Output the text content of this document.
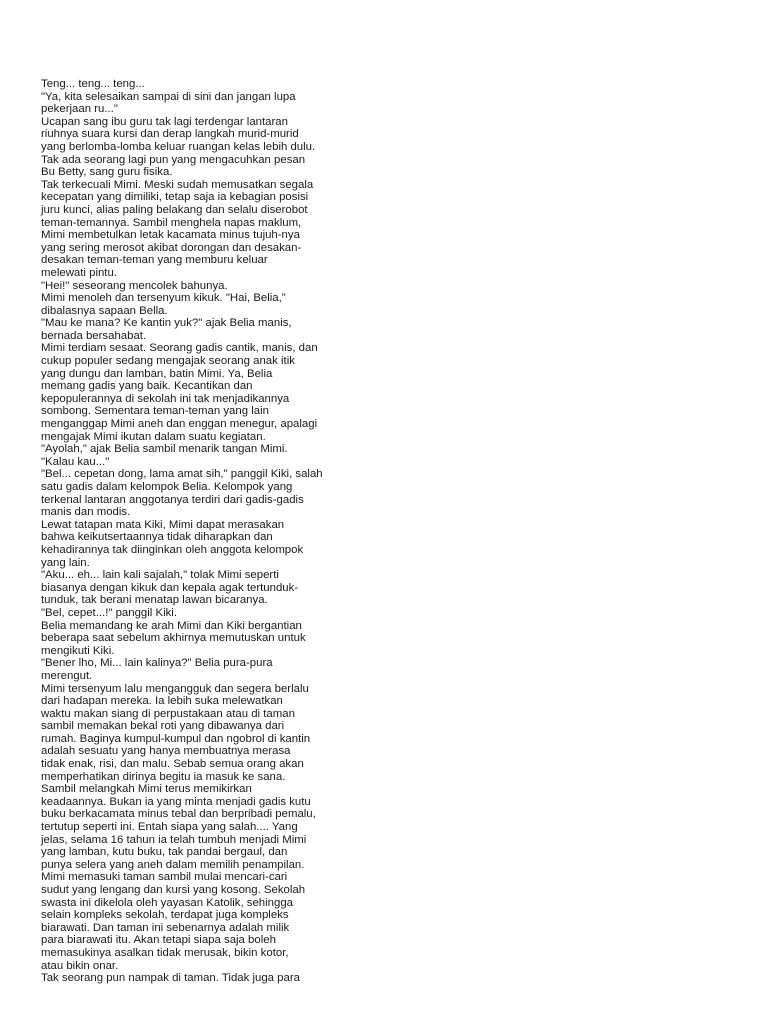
Teng... teng... teng...
"Ya, kita selesaikan sampai di sini dan jangan lupa
pekerjaan ru..."
Ucapan sang ibu guru tak lagi terdengar lantaran
riuhnya suara kursi dan derap langkah murid-murid
yang berlomba-lomba keluar ruangan kelas lebih dulu.
Tak ada seorang lagi pun yang mengacuhkan pesan
Bu Betty, sang guru fisika.
Tak terkecuali Mimi. Meski sudah memusatkan segala
kecepatan yang dimiliki, tetap saja ia kebagian posisi
juru kunci, alias paling belakang dan selalu diserobot
teman-temannya. Sambil menghela napas maklum,
Mimi membetulkan letak kacamata minus tujuh-nya
yang sering merosot akibat dorongan dan desakan-
desakan teman-teman yang memburu keluar
melewati pintu.
"Hei!" seseorang mencolek bahunya.
Mimi menoleh dan tersenyum kikuk. "Hai, Belia,"
dibalasnya sapaan Bella.
"Mau ke mana? Ke kantin yuk?" ajak Belia manis,
bernada bersahabat.
Mimi terdiam sesaat. Seorang gadis cantik, manis, dan
cukup populer sedang mengajak seorang anak itik
yang dungu dan lamban, batin Mimi. Ya, Belia
memang gadis yang baik. Kecantikan dan
kepopulerannya di sekolah ini tak menjadikannya
sombong. Sementara teman-teman yang lain
menganggap Mimi aneh dan enggan menegur, apalagi
mengajak Mimi ikutan dalam suatu kegiatan.
"Ayolah," ajak Belia sambil menarik tangan Mimi.
"Kalau kau..."
"Bel... cepetan dong, lama amat sih," panggil Kiki, salah
satu gadis dalam kelompok Belia. Kelompok yang
terkenal lantaran anggotanya terdiri dari gadis-gadis
manis dan modis.
Lewat tatapan mata Kiki, Mimi dapat merasakan
bahwa keikutsertaannya tidak diharapkan dan
kehadirannya tak diinginkan oleh anggota kelompok
yang lain.
"Aku... eh... lain kali sajalah," tolak Mimi seperti
biasanya dengan kikuk dan kepala agak tertunduk-
tunduk, tak berani menatap lawan bicaranya.
"Bel, cepet...!" panggil Kiki.
Belia memandang ke arah Mimi dan Kiki bergantian
beberapa saat sebelum akhirnya memutuskan untuk
mengikuti Kiki.
"Bener lho, Mi... lain kalinya?" Belia pura-pura
merengut.
Mimi tersenyum lalu mengangguk dan segera berlalu
dari hadapan mereka. Ia lebih suka melewatkan
waktu makan siang di perpustakaan atau di taman
sambil memakan bekal roti yang dibawanya dari
rumah. Baginya kumpul-kumpul dan ngobrol di kantin
adalah sesuatu yang hanya membuatnya merasa
tidak enak, risi, dan malu. Sebab semua orang akan
memperhatikan dirinya begitu ia masuk ke sana.
Sambil melangkah Mimi terus memikirkan
keadaannya. Bukan ia yang minta menjadi gadis kutu
buku berkacamata minus tebal dan berpribadi pemalu,
tertutup seperti ini. Entah siapa yang salah.... Yang
jelas, selama 16 tahun ia telah tumbuh menjadi Mimi
yang lamban, kutu buku, tak pandai bergaul, dan
punya selera yang aneh dalam memilih penampilan.
Mimi memasuki taman sambil mulai mencari-cari
sudut yang lengang dan kursi yang kosong. Sekolah
swasta ini dikelola oleh yayasan Katolik, sehingga
selain kompleks sekolah, terdapat juga kompleks
biarawati. Dan taman ini sebenarnya adalah milik
para biarawati itu. Akan tetapi siapa saja boleh
memasukinya asalkan tidak merusak, bikin kotor,
atau bikin onar.
Tak seorang pun nampak di taman. Tidak juga para
